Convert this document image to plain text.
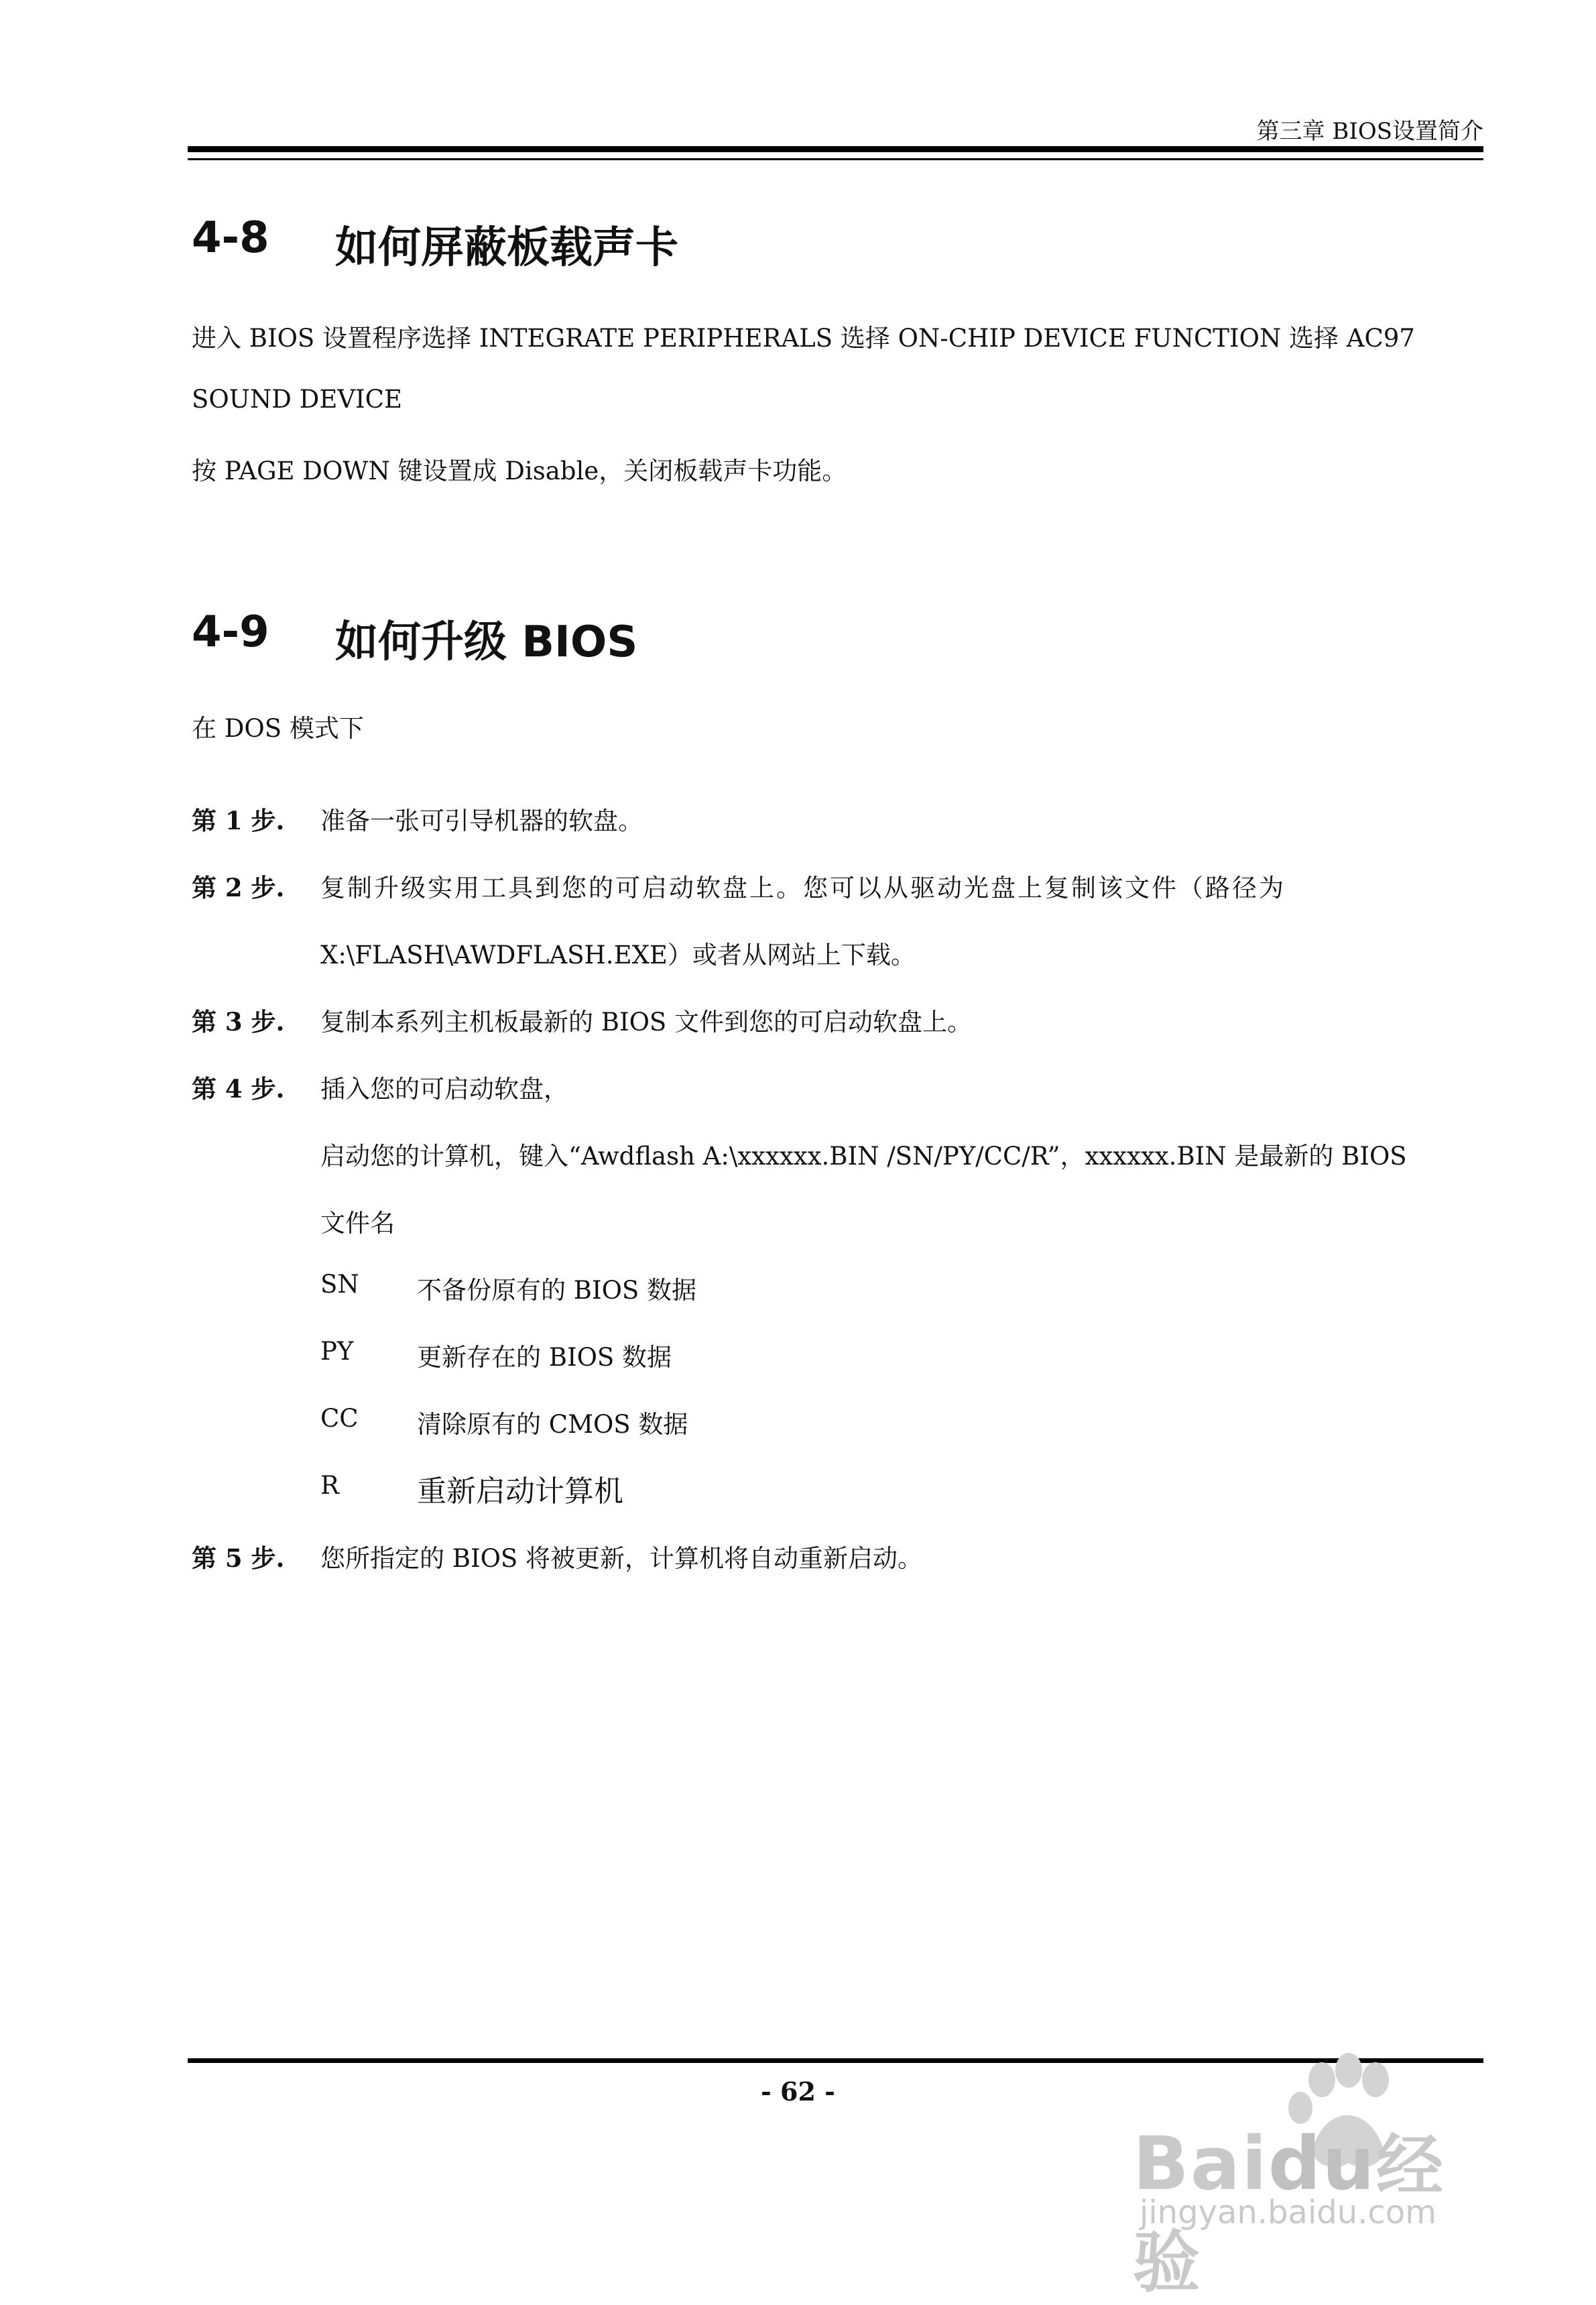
第三章 BIOS设置简介
4-8 如何屏蔽板载声卡
进入 BIOS 设置程序选择 INTEGRATE PERIPHERALS 选择 ON-CHIP DEVICE FUNCTION 选择 AC97
SOUND DEVICE
按 PAGE DOWN 键设置成 Disable，关闭板载声卡功能。
4-9 如何升级 BIOS
在 DOS 模式下
第 1 步. 准备一张可引导机器的软盘。
第 2 步. 复制升级实用工具到您的可启动软盘上。您可以从驱动光盘上复制该文件（路径为
X:\FLASH\AWDFLASH.EXE）或者从网站上下载。
第 3 步. 复制本系列主机板最新的 BIOS 文件到您的可启动软盘上。
第 4 步. 插入您的可启动软盘，
启动您的计算机，键入“Awdflash A:\xxxxxx.BIN /SN/PY/CC/R”，xxxxxx.BIN 是最新的 BIOS
文件名
SN 不备份原有的 BIOS 数据
PY	更新存在的 BIOS 数据
CC 清除原有的 CMOS 数据
R	重新启动计算机
第 5 步. 您所指定的 BIOS 将被更新，计算机将自动重新启动。
- 62 -
Baidu经验
jingyan.baidu.com
